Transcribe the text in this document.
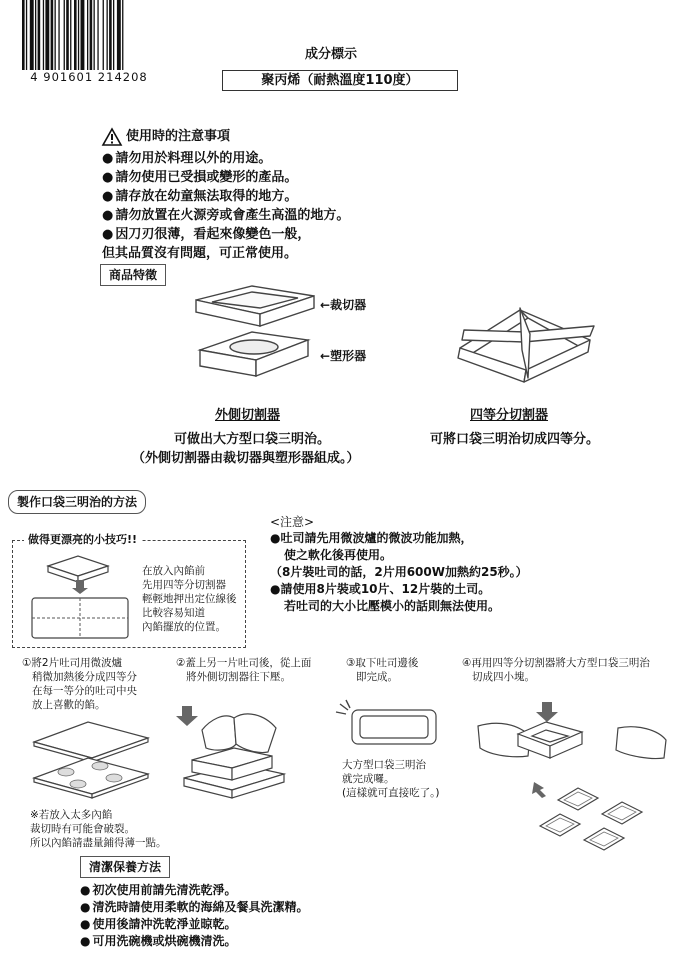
4 901601 214208
成分標示
聚丙烯（耐熱溫度110度）
使用時的注意事項
● 請勿用於料理以外的用途。
● 請勿使用已受損或變形的產品。
● 請存放在幼童無法取得的地方。
● 請勿放置在火源旁或會產生高溫的地方。
● 因刀刃很薄，看起來像變色一般，
但其品質沒有問題，可正常使用。
商品特徵
←裁切器
←塑形器
外側切割器
可做出大方型口袋三明治。
（外側切割器由裁切器與塑形器組成。）
四等分切割器
可將口袋三明治切成四等分。
製作口袋三明治的方法
做得更漂亮的小技巧!!
在放入內餡前
先用四等分切割器
輕輕地押出定位線後
比較容易知道
內餡擺放的位置。
<注意>
●吐司請先用微波爐的微波功能加熱，
使之軟化後再使用。
（8片裝吐司的話，2片用600W加熱約25秒。）
●請使用8片裝或10片、12片裝的土司。
若吐司的大小比壓模小的話則無法使用。
①將2片吐司用微波爐
稍微加熱後分成四等分
在每一等分的吐司中央
放上喜歡的餡。
②蓋上另一片吐司後，從上面
將外側切割器往下壓。
③取下吐司邊後
即完成。
④再用四等分切割器將大方型口袋三明治
切成四小塊。
大方型口袋三明治
就完成囉。
(這樣就可直接吃了。)
※若放入太多內餡
裁切時有可能會破裂。
所以內餡請盡量鋪得薄一點。
清潔保養方法
● 初次使用前請先清洗乾淨。
● 清洗時請使用柔軟的海綿及餐具洗潔精。
● 使用後請沖洗乾淨並晾乾。
● 可用洗碗機或烘碗機清洗。
